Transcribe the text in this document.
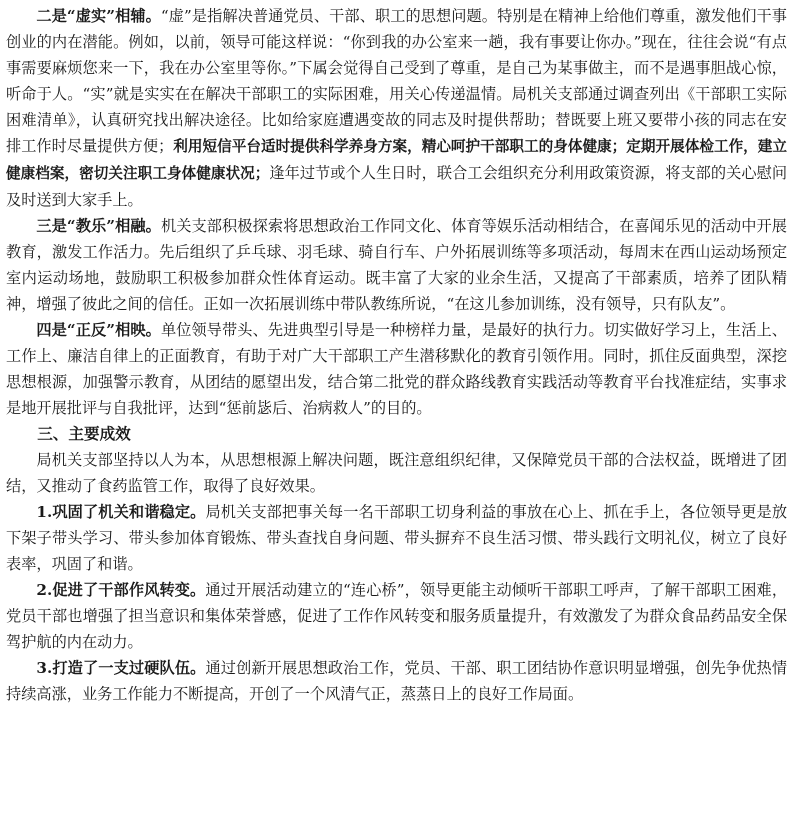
二是“虚实”相辅。“虚”是指解决普通党员、干部、职工的思想问题。特别是在精神上给他们尊重，激发他们干事创业的内在潜能。例如，以前，领导可能这样说：“你到我的办公室来一趟，我有事要让你办。”现在，往往会说“有点事需要麻烦您来一下，我在办公室里等你。”下属会觉得自己受到了尊重，是自己为某事做主，而不是遇事胆战心惊，听命于人。“实”就是实实在在解决干部职工的实际困难，用关心传递温情。局机关支部通过调查列出《干部职工实际困难清单》，认真研究找出解决途径。比如给家庭遭遇变故的同志及时提供帮助；替既要上班又要带小孩的同志在安排工作时尽量提供方便；利用短信平台适时提供科学养身方案，精心呵护干部职工的身体健康；定期开展体检工作，建立健康档案，密切关注职工身体健康状况；逢年过节或个人生日时，联合工会组织充分利用政策资源，将支部的关心慰问及时送到大家手上。

三是“教乐”相融。机关支部积极探索将思想政治工作同文化、体育等娱乐活动相结合，在喜闻乐见的活动中开展教育，激发工作活力。先后组织了乒乓球、羽毛球、骑自行车、户外拓展训练等多项活动，每周末在西山运动场预定室内运动场地，鼓励职工积极参加群众性体育运动。既丰富了大家的业余生活，又提高了干部素质，培养了团队精神，增强了彼此之间的信任。正如一次拓展训练中带队教练所说，“在这儿参加训练，没有领导，只有队友”。

四是“正反”相映。单位领导带头、先进典型引导是一种榜样力量，是最好的执行力。切实做好学习上，生活上、工作上、廉洁自律上的正面教育，有助于对广大干部职工产生潜移默化的教育引领作用。同时，抓住反面典型，深挖思想根源，加强警示教育，从团结的愿望出发，结合第二批党的群众路线教育实践活动等教育平台找准症结，实事求是地开展批评与自我批评，达到“惩前毖后、治病救人”的目的。

三、主要成效

局机关支部坚持以人为本，从思想根源上解决问题，既注意组织纪律，又保障党员干部的合法权益，既增进了团结，又推动了食药监管工作，取得了良好效果。

1.巩固了机关和谐稳定。局机关支部把事关每一名干部职工切身利益的事放在心上、抓在手上，各位领导更是放下架子带头学习、带头参加体育锻炼、带头查找自身问题、带头摒弃不良生活习惯、带头践行文明礼仪，树立了良好表率，巩固了和谐。

2.促进了干部作风转变。通过开展活动建立的“连心桥”，领导更能主动倾听干部职工呼声，了解干部职工困难，党员干部也增强了担当意识和集体荣誉感，促进了工作作风转变和服务质量提升，有效激发了为群众食品药品安全保驾护航的内在动力。

3.打造了一支过硬队伍。通过创新开展思想政治工作，党员、干部、职工团结协作意识明显增强，创先争优热情持续高涨，业务工作能力不断提高，开创了一个风清气正，蒸蒸日上的良好工作局面。
